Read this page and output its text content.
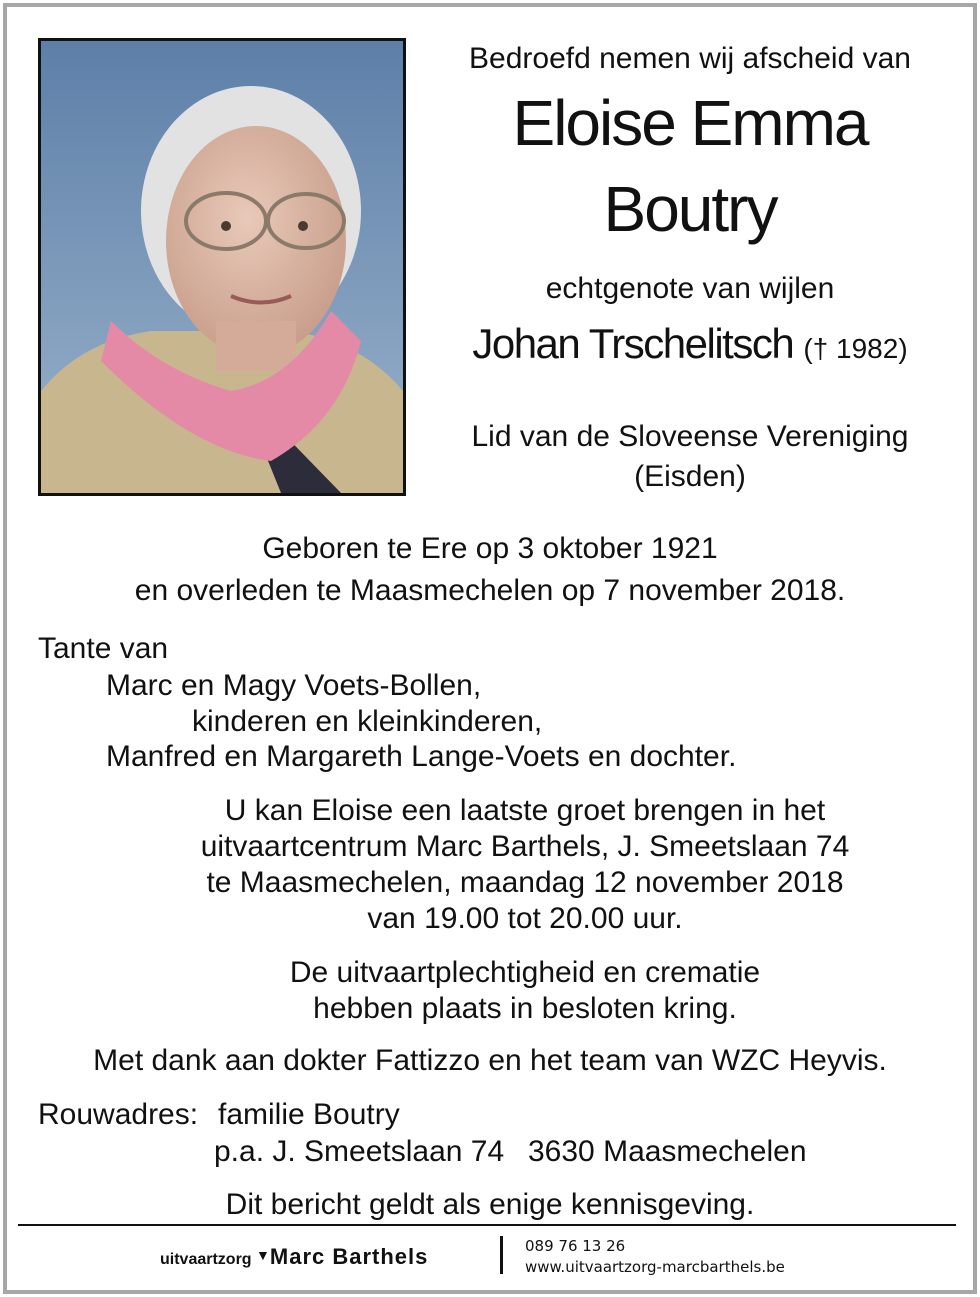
Bedroefd nemen wij afscheid van
Eloise Emma
Boutry
echtgenote van wijlen
Johan Trschelitsch († 1982)
Lid van de Sloveense Vereniging
(Eisden)
Geboren te Ere op 3 oktober 1921
en overleden te Maasmechelen op 7 november 2018.
Tante van
Marc en Magy Voets-Bollen,
kinderen en kleinkinderen,
Manfred en Margareth Lange-Voets en dochter.
U kan Eloise een laatste groet brengen in het
uitvaartcentrum Marc Barthels, J. Smeetslaan 74
te Maasmechelen, maandag 12 november 2018
van 19.00 tot 20.00 uur.
De uitvaartplechtigheid en crematie
hebben plaats in besloten kring.
Met dank aan dokter Fattizzo en het team van WZC Heyvis.
Rouwadres: familie Boutry
p.a. J. Smeetslaan 74 3630 Maasmechelen
Dit bericht geldt als enige kennisgeving.
uitvaartzorg ▼Marc Barthels	089 76 13 26
www.uitvaartzorg-marcbarthels.be
